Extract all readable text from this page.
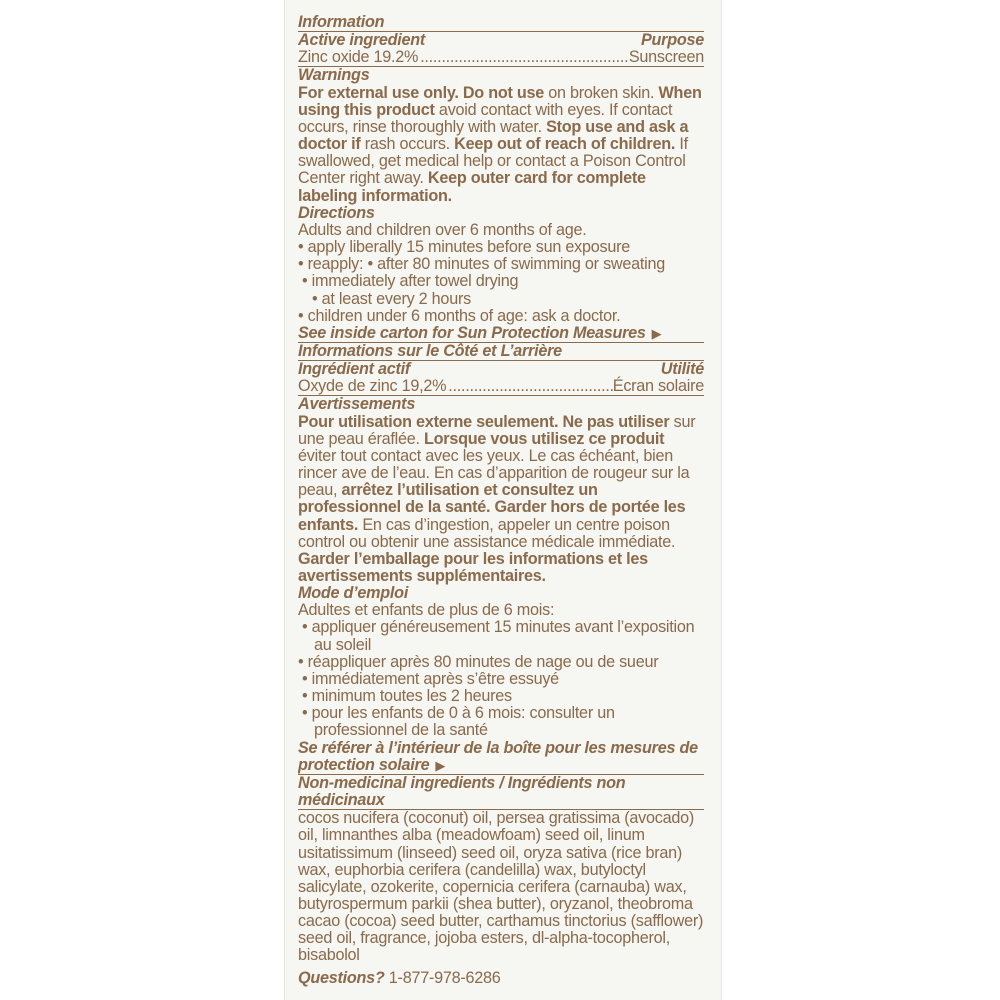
Information
Active ingredient	Purpose
Zinc oxide 19.2% .....	Sunscreen
Warnings

For external use only. Do not use on broken skin. When using this product avoid contact with eyes. If contact occurs, rinse thoroughly with water. Stop use and ask a doctor if rash occurs. Keep out of reach of children. If swallowed, get medical help or contact a Poison Control Center right away. Keep outer card for complete labeling information.

Directions
Adults and children over 6 months of age.
• apply liberally 15 minutes before sun exposure
• reapply: • after 80 minutes of swimming or sweating
• immediately after towel drying
• at least every 2 hours
• children under 6 months of age: ask a doctor.
See inside carton for Sun Protection Measures ▶
Informations sur le Côté et L’arrière
Ingrédient actif	Utilité
Oxyde de zinc 19,2% .....	Écran solaire
Avertissements

Pour utilisation externe seulement. Ne pas utiliser sur une peau éraflée. Lorsque vous utilisez ce produit éviter tout contact avec les yeux. Le cas échéant, bien rincer ave de l’eau. En cas d’apparition de rougeur sur la peau, arrêtez l’utilisation et consultez un professionnel de la santé. Garder hors de portée les enfants. En cas d’ingestion, appeler un centre poison control ou obtenir une assistance médicale immédiate. Garder l’emballage pour les informations et les avertissements supplémentaires.

Mode d’emploi
Adultes et enfants de plus de 6 mois:
• appliquer généreusement 15 minutes avant l’exposition au soleil
• réappliquer après 80 minutes de nage ou de sueur
• immédiatement après s’être essuyé
• minimum toutes les 2 heures
• pour les enfants de 0 à 6 mois: consulter un professionnel de la santé
Se référer à l’intérieur de la boîte pour les mesures de protection solaire ▶
Non-medicinal ingredients / Ingrédients non médicinaux

cocos nucifera (coconut) oil, persea gratissima (avocado) oil, limnanthes alba (meadowfoam) seed oil, linum usitatissimum (linseed) seed oil, oryza sativa (rice bran) wax, euphorbia cerifera (candelilla) wax, butyloctyl salicylate, ozokerite, copernicia cerifera (carnauba) wax, butyrospermum parkii (shea butter), oryzanol, theobroma cacao (cocoa) seed butter, carthamus tinctorius (safflower) seed oil, fragrance, jojoba esters, dl-alpha-tocopherol, bisabolol

Questions? 1-877-978-6286
